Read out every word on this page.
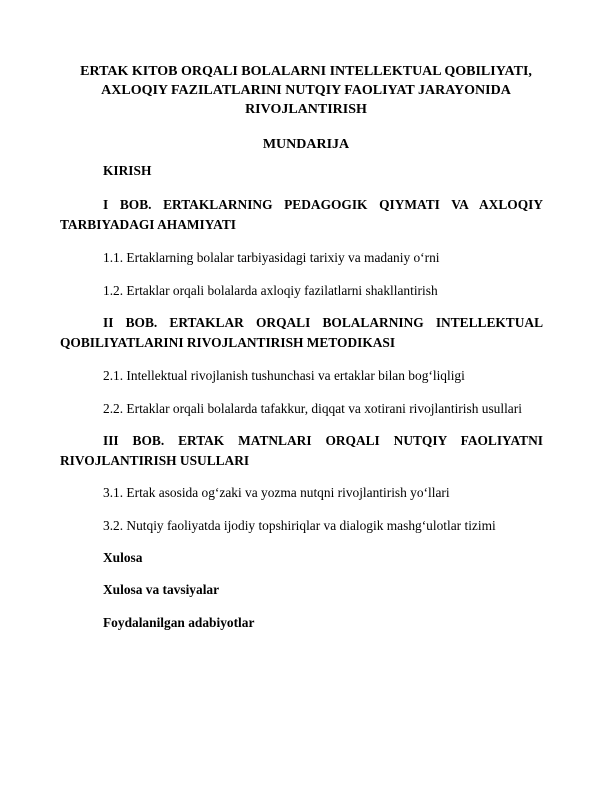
ERTAK KITOB ORQALI BOLALARNI INTELLEKTUAL QOBILIYATI,
AXLOQIY FAZILATLARINI NUTQIY FAOLIYAT JARAYONIDA
RIVOJLANTIRISH
MUNDARIJA
KIRISH
I BOB. ERTAKLARNING PEDAGOGIK QIYMATI VA AXLOQIY
TARBIYADAGI AHAMIYATI
1.1. Ertaklarning bolalar tarbiyasidagi tarixiy va madaniy o‘rni
1.2. Ertaklar orqali bolalarda axloqiy fazilatlarni shakllantirish
II BOB. ERTAKLAR ORQALI BOLALARNING INTELLEKTUAL
QOBILIYATLARINI RIVOJLANTIRISH METODIKASI
2.1. Intellektual rivojlanish tushunchasi va ertaklar bilan bog‘liqligi
2.2. Ertaklar orqali bolalarda tafakkur, diqqat va xotirani rivojlantirish usullari
III BOB. ERTAK MATNLARI ORQALI NUTQIY FAOLIYATNI
RIVOJLANTIRISH USULLARI
3.1. Ertak asosida og‘zaki va yozma nutqni rivojlantirish yo‘llari
3.2. Nutqiy faoliyatda ijodiy topshiriqlar va dialogik mashg‘ulotlar tizimi
Xulosa
Xulosa va tavsiyalar
Foydalanilgan adabiyotlar
